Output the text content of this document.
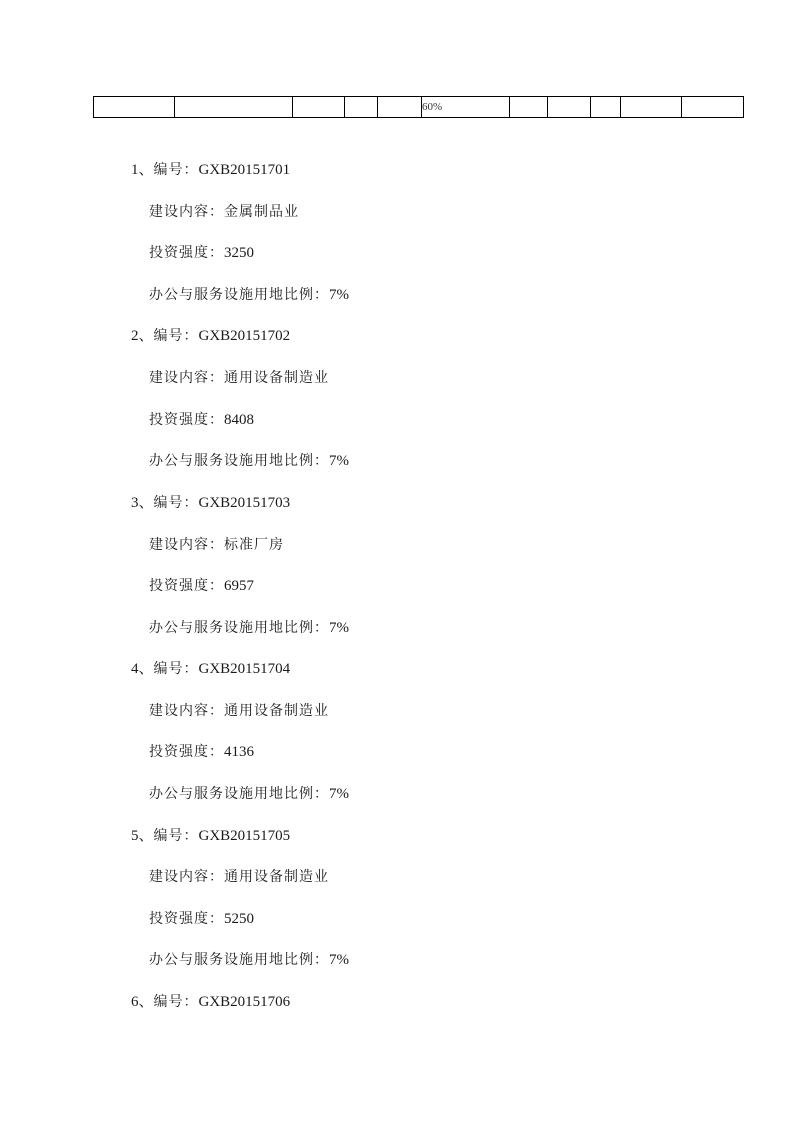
					60%					
1、编号：GXB20151701
建设内容：金属制品业
投资强度：3250
办公与服务设施用地比例：7%
2、编号：GXB20151702
建设内容：通用设备制造业
投资强度：8408
办公与服务设施用地比例：7%
3、编号：GXB20151703
建设内容：标准厂房
投资强度：6957
办公与服务设施用地比例：7%
4、编号：GXB20151704
建设内容：通用设备制造业
投资强度：4136
办公与服务设施用地比例：7%
5、编号：GXB20151705
建设内容：通用设备制造业
投资强度：5250
办公与服务设施用地比例：7%
6、编号：GXB20151706
